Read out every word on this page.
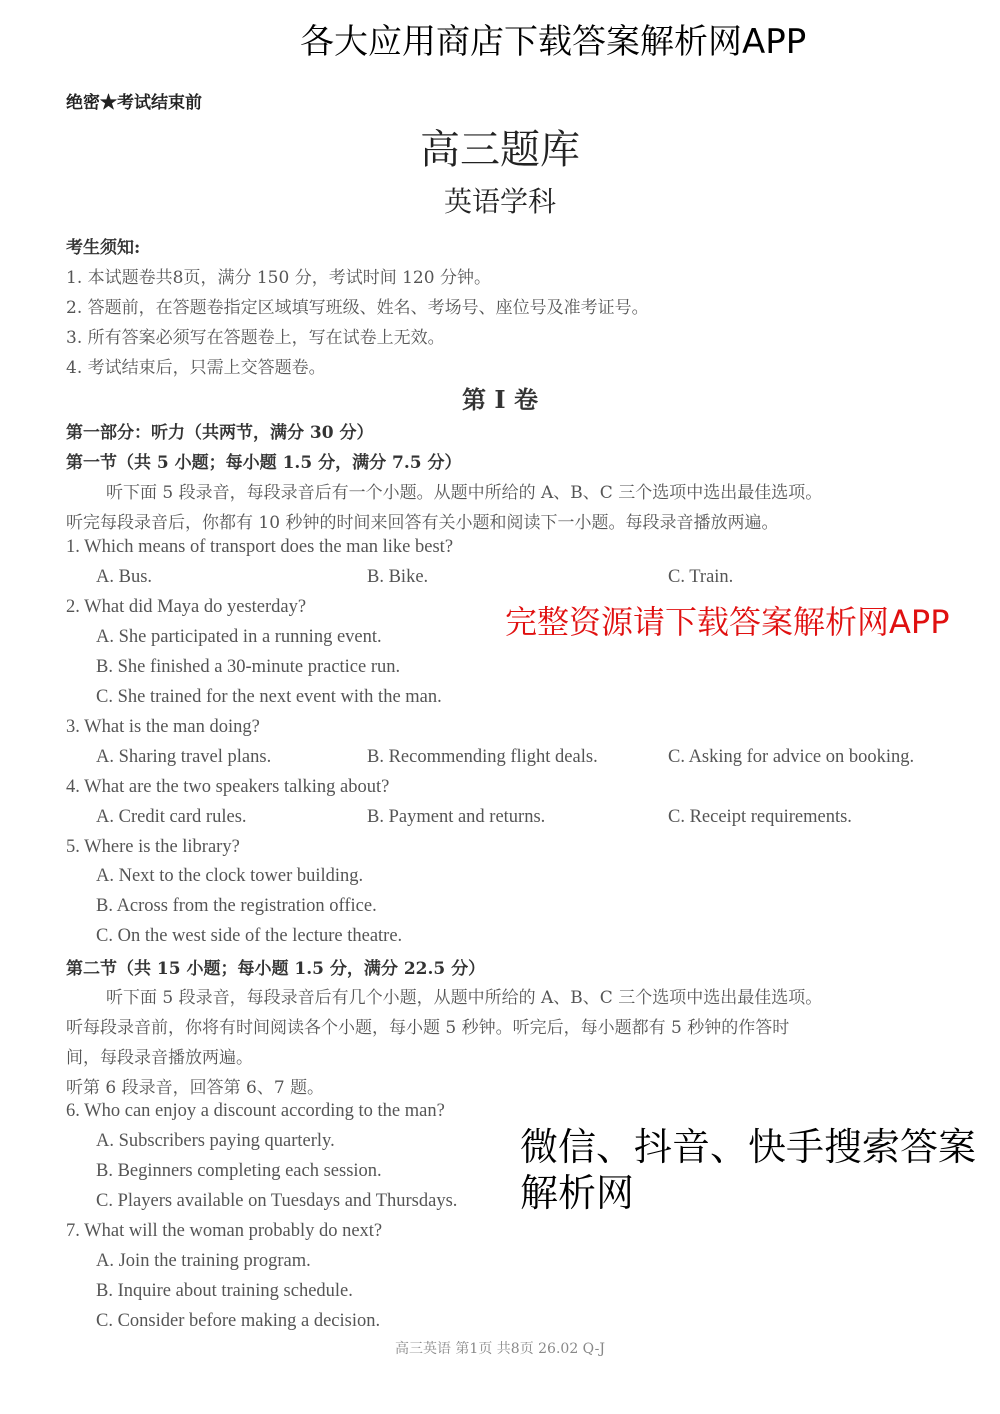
绝密★考试结束前
高三题库
英语学科
考生须知:
1. 本试题卷共8页，满分 150 分，考试时间 120 分钟。
2. 答题前，在答题卷指定区域填写班级、姓名、考场号、座位号及准考证号。
3. 所有答案必须写在答题卷上，写在试卷上无效。
4. 考试结束后，只需上交答题卷。
第 I 卷
第一部分：听力（共两节，满分 30 分）
第一节（共 5 小题；每小题 1.5 分，满分 7.5 分）
听下面 5 段录音，每段录音后有一个小题。从题中所给的 A、B、C 三个选项中选出最佳选项。
听完每段录音后，你都有 10 秒钟的时间来回答有关小题和阅读下一小题。每段录音播放两遍。
第二节（共 15 小题；每小题 1.5 分，满分 22.5 分）
听下面 5 段录音，每段录音后有几个小题，从题中所给的 A、B、C 三个选项中选出最佳选项。
听每段录音前，你将有时间阅读各个小题，每小题 5 秒钟。听完后，每小题都有 5 秒钟的作答时
间，每段录音播放两遍。
听第 6 段录音，回答第 6、7 题。
1. Which means of transport does the man like best?
A. Bus.	B. Bike.	C. Train.
2. What did Maya do yesterday?
A. She participated in a running event.
B. She finished a 30-minute practice run.
C. She trained for the next event with the man.
3. What is the man doing?
A. Sharing travel plans.	B. Recommending flight deals.	C. Asking for advice on booking.
4. What are the two speakers talking about?
A. Credit card rules.	B. Payment and returns.	C. Receipt requirements.
5. Where is the library?
A. Next to the clock tower building.
B. Across from the registration office.
C. On the west side of the lecture theatre.
6. Who can enjoy a discount according to the man?
A. Subscribers paying quarterly.
B. Beginners completing each session.
C. Players available on Tuesdays and Thursdays.
7. What will the woman probably do next?
A. Join the training program.
B. Inquire about training schedule.
C. Consider before making a decision.
高三英语 第1页 共8页 26.02 Q-J
各大应用商店下载答案解析网APP
完整资源请下载答案解析网APP
微信、抖音、快手搜索答案解析网
